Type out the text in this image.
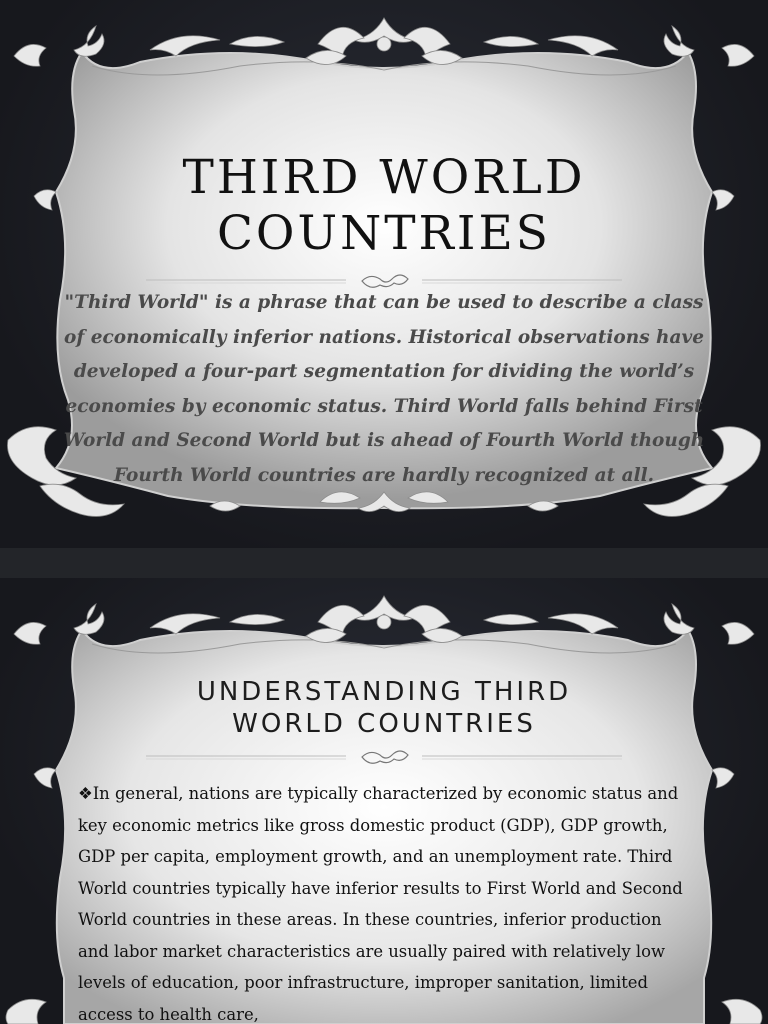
THIRD WORLD
COUNTRIES
"Third World" is a phrase that can be used to describe a class of economically inferior nations. Historical observations have developed a four-part segmentation for dividing the world’s economies by economic status. Third World falls behind First World and Second World but is ahead of Fourth World though Fourth World countries are hardly recognized at all.
UNDERSTANDING THIRD
WORLD COUNTRIES
❖In general, nations are typically characterized by economic status and key economic metrics like gross domestic product (GDP), GDP growth, GDP per capita, employment growth, and an unemployment rate. Third World countries typically have inferior results to First World and Second World countries in these areas. In these countries, inferior production and labor market characteristics are usually paired with relatively low levels of education, poor infrastructure, improper sanitation, limited access to health care,
